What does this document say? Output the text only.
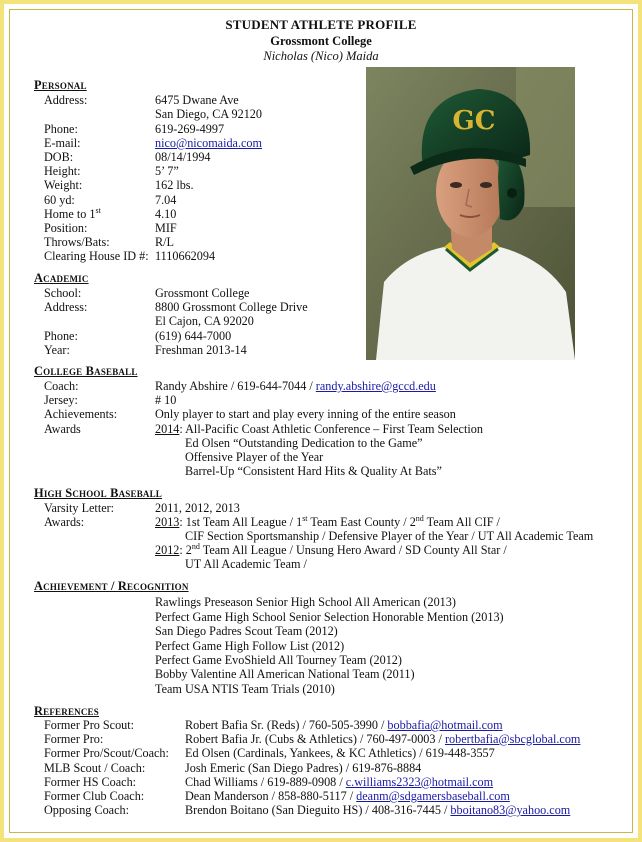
STUDENT ATHLETE PROFILE
Grossmont College
Nicholas (Nico) Maida
GC
Personal
Address:	6475 Dwane Ave
San Diego, CA 92120
Phone:	619-269-4997
E-mail:	nico@nicomaida.com
DOB:	08/14/1994
Height:	5’ 7”
Weight:	162 lbs.
60 yd:	7.04
Home to 1st	4.10
Position:	MIF
Throws/Bats:	R/L
Clearing House ID #: 1110662094
Academic
School:	Grossmont College
Address:	8800 Grossmont College Drive
El Cajon, CA 92020
Phone:	(619) 644-7000
Year:	Freshman 2013-14
College Baseball
Coach:	Randy Abshire / 619-644-7044 / randy.abshire@gccd.edu
Jersey:	# 10
Achievements:	Only player to start and play every inning of the entire season
Awards	2014: All-Pacific Coast Athletic Conference – First Team Selection
Ed Olsen “Outstanding Dedication to the Game”
Offensive Player of the Year
Barrel-Up “Consistent Hard Hits & Quality At Bats”
High School Baseball
Varsity Letter:	2011, 2012, 2013
Awards:	2013: 1st Team All League / 1st Team East County / 2nd Team All CIF /
CIF Section Sportsmanship / Defensive Player of the Year / UT All Academic Team
2012: 2nd Team All League / Unsung Hero Award / SD County All Star /
UT All Academic Team /
Achievement / Recognition
Rawlings Preseason Senior High School All American (2013)
Perfect Game High School Senior Selection Honorable Mention (2013)
San Diego Padres Scout Team (2012)
Perfect Game High Follow List (2012)
Perfect Game EvoShield All Tourney Team (2012)
Bobby Valentine All American National Team (2011)
Team USA NTIS Team Trials (2010)
References
Former Pro Scout:	Robert Bafia Sr. (Reds) / 760-505-3990 / bobbafia@hotmail.com
Former Pro:	Robert Bafia Jr. (Cubs & Athletics) / 760-497-0003 / robertbafia@sbcglobal.com
Former Pro/Scout/Coach: Ed Olsen (Cardinals, Yankees, & KC Athletics) / 619-448-3557
MLB Scout / Coach:	Josh Emeric (San Diego Padres) / 619-876-8884
Former HS Coach:	Chad Williams / 619-889-0908 / c.williams2323@hotmail.com
Former Club Coach:	Dean Manderson / 858-880-5117 / deanm@sdgamersbaseball.com
Opposing Coach:	Brendon Boitano (San Dieguito HS) / 408-316-7445 / bboitano83@yahoo.com
